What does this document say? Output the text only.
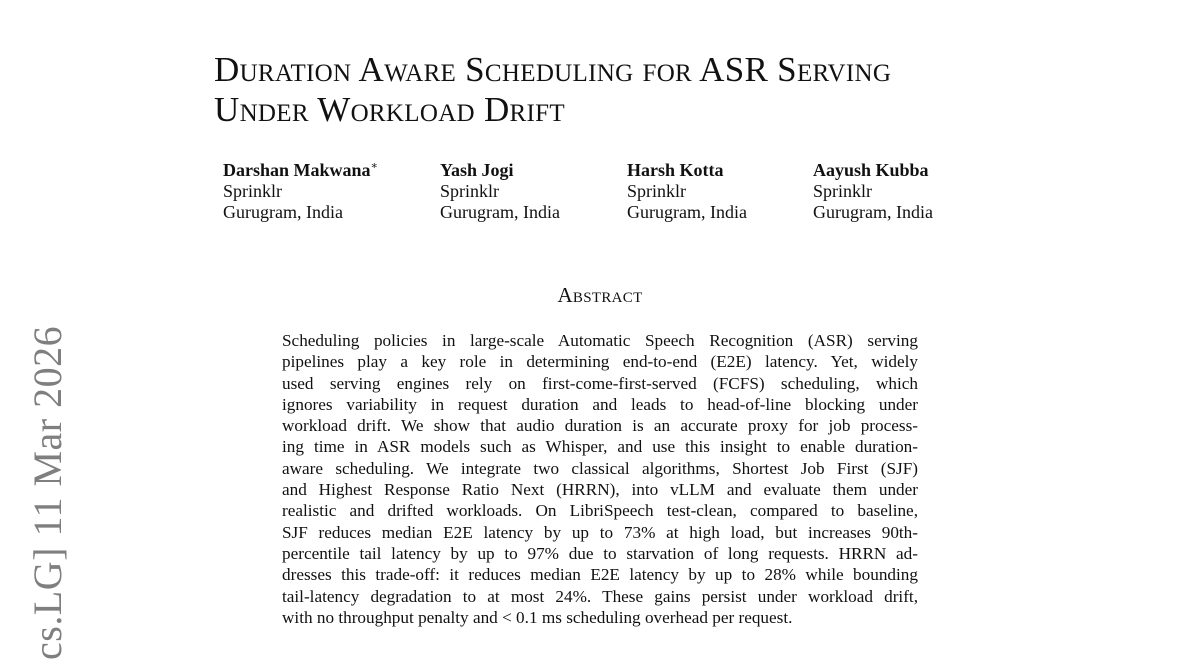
Duration Aware Scheduling for ASR Serving
Under Workload Drift
Darshan Makwana∗
Sprinklr
Gurugram, India
Yash Jogi
Sprinklr
Gurugram, India
Harsh Kotta
Sprinklr
Gurugram, India
Aayush Kubba
Sprinklr
Gurugram, India
Abstract
Scheduling policies in large-scale Automatic Speech Recognition (ASR) serving
pipelines play a key role in determining end-to-end (E2E) latency. Yet, widely
used serving engines rely on first-come-first-served (FCFS) scheduling, which
ignores variability in request duration and leads to head-of-line blocking under
workload drift. We show that audio duration is an accurate proxy for job process-
ing time in ASR models such as Whisper, and use this insight to enable duration-
aware scheduling. We integrate two classical algorithms, Shortest Job First (SJF)
and Highest Response Ratio Next (HRRN), into vLLM and evaluate them under
realistic and drifted workloads. On LibriSpeech test-clean, compared to baseline,
SJF reduces median E2E latency by up to 73% at high load, but increases 90th-
percentile tail latency by up to 97% due to starvation of long requests. HRRN ad-
dresses this trade-off: it reduces median E2E latency by up to 28% while bounding
tail-latency degradation to at most 24%. These gains persist under workload drift,
with no throughput penalty and < 0.1 ms scheduling overhead per request.
cs.LG] 11 Mar 2026
